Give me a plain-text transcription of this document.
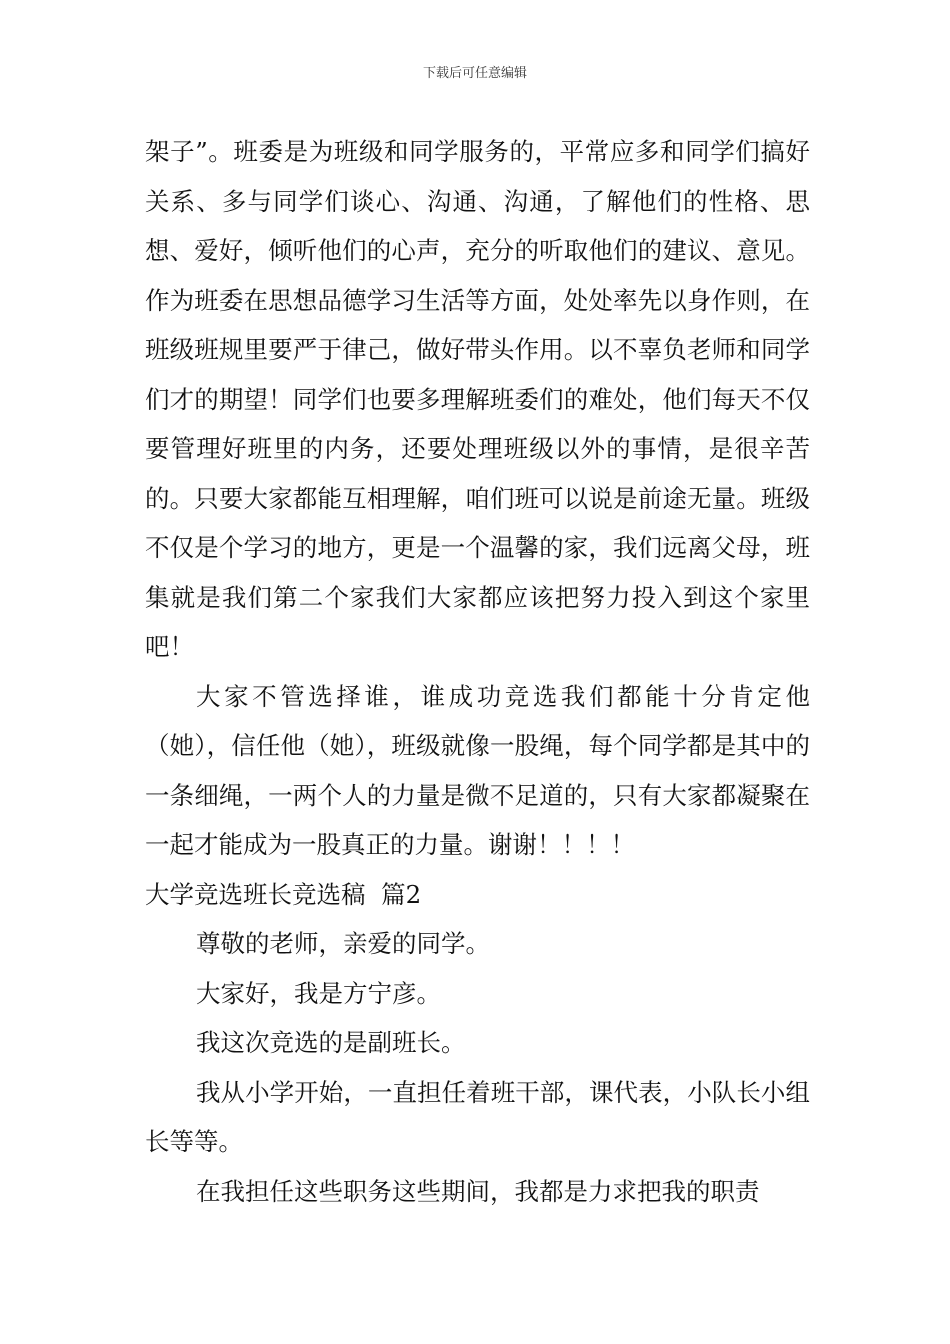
下载后可任意编辑

架子”。班委是为班级和同学服务的，平常应多和同学们搞好关系、多与同学们谈心、沟通、沟通，了解他们的性格、思想、爱好，倾听他们的心声，充分的听取他们的建议、意见。作为班委在思想品德学习生活等方面，处处率先以身作则，在班级班规里要严于律己，做好带头作用。以不辜负老师和同学们才的期望！同学们也要多理解班委们的难处，他们每天不仅要管理好班里的内务，还要处理班级以外的事情，是很辛苦的。只要大家都能互相理解，咱们班可以说是前途无量。班级不仅是个学习的地方，更是一个温馨的家，我们远离父母，班集就是我们第二个家我们大家都应该把努力投入到这个家里吧！

大家不管选择谁，谁成功竞选我们都能十分肯定他（她），信任他（她），班级就像一股绳，每个同学都是其中的一条细绳，一两个人的力量是微不足道的，只有大家都凝聚在一起才能成为一股真正的力量。谢谢！！！！

大学竞选班长竞选稿  篇2

尊敬的老师，亲爱的同学。

大家好，我是方宁彦。

我这次竞选的是副班长。

我从小学开始，一直担任着班干部，课代表，小队长小组长等等。

在我担任这些职务这些期间，我都是力求把我的职责
